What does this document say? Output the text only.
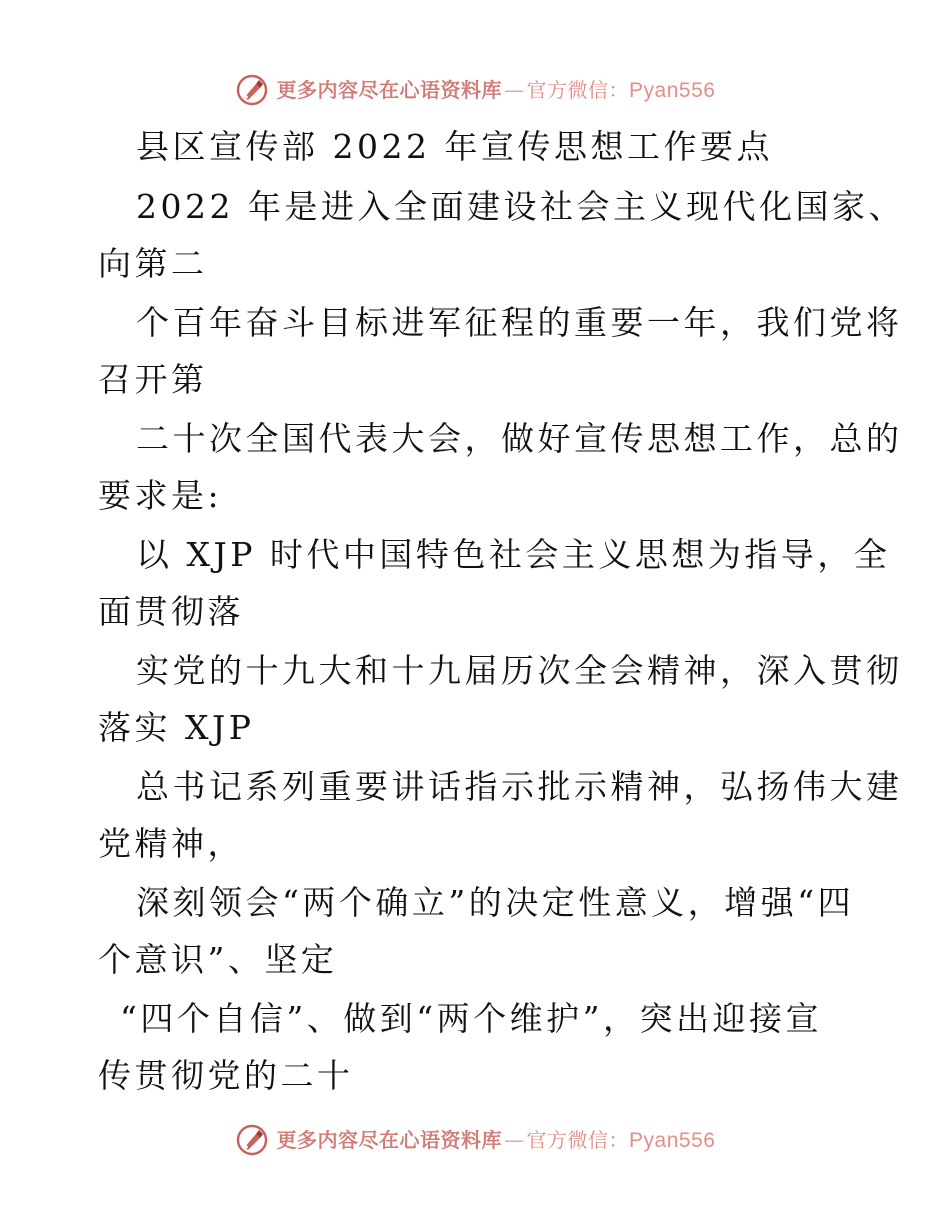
更多内容尽在心语资料库 — 官方微信： Pyan556
县区宣传部 2022 年宣传思想工作要点
2022 年是进入全面建设社会主义现代化国家、
向第二
个百年奋斗目标进军征程的重要一年，我们党将
召开第
二十次全国代表大会，做好宣传思想工作，总的
要求是:
以 XJP 时代中国特色社会主义思想为指导，全
面贯彻落
实党的十九大和十九届历次全会精神，深入贯彻
落实 XJP
总书记系列重要讲话指示批示精神，弘扬伟大建
党精神，
深刻领会“两个确立”的决定性意义，增强“四
个意识”、坚定
“四个自信”、做到“两个维护”，突出迎接宣
传贯彻党的二十
更多内容尽在心语资料库 — 官方微信： Pyan556
